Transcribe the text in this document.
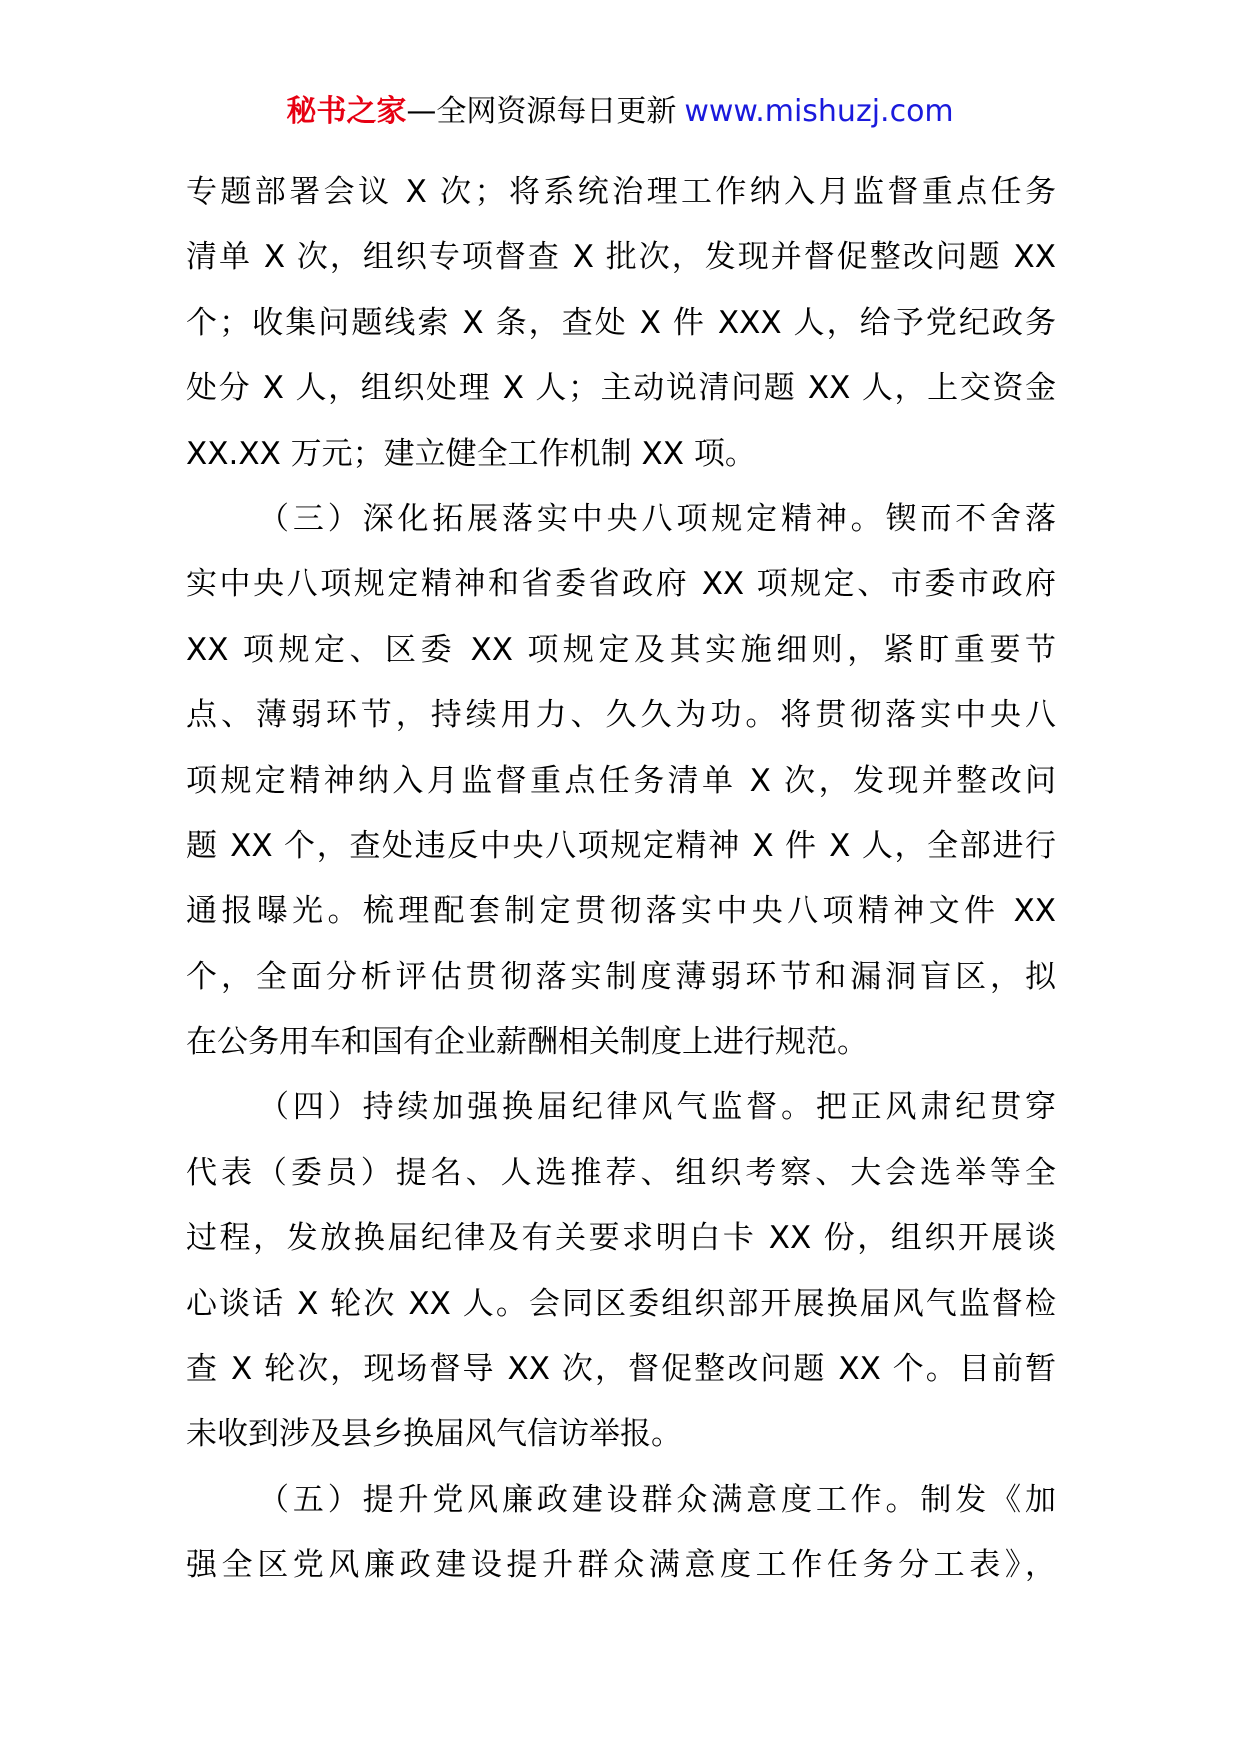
秘书之家—全网资源每日更新 www.mishuzj.com
专题部署会议 X 次；将系统治理工作纳入月监督重点任务
清单 X 次，组织专项督查 X 批次，发现并督促整改问题 XX
个；收集问题线索 X 条，查处 X 件 XXX 人，给予党纪政务
处分 X 人，组织处理 X 人；主动说清问题 XX 人，上交资金
XX.XX 万元；建立健全工作机制 XX 项。
（三）深化拓展落实中央八项规定精神。锲而不舍落
实中央八项规定精神和省委省政府 XX 项规定、市委市政府
XX 项规定、区委 XX 项规定及其实施细则，紧盯重要节
点、薄弱环节，持续用力、久久为功。将贯彻落实中央八
项规定精神纳入月监督重点任务清单 X 次，发现并整改问
题 XX 个，查处违反中央八项规定精神 X 件 X 人，全部进行
通报曝光。梳理配套制定贯彻落实中央八项精神文件 XX
个，全面分析评估贯彻落实制度薄弱环节和漏洞盲区，拟
在公务用车和国有企业薪酬相关制度上进行规范。
（四）持续加强换届纪律风气监督。把正风肃纪贯穿
代表（委员）提名、人选推荐、组织考察、大会选举等全
过程，发放换届纪律及有关要求明白卡 XX 份，组织开展谈
心谈话 X 轮次 XX 人。会同区委组织部开展换届风气监督检
查 X 轮次，现场督导 XX 次，督促整改问题 XX 个。目前暂
未收到涉及县乡换届风气信访举报。
（五）提升党风廉政建设群众满意度工作。制发《加
强全区党风廉政建设提升群众满意度工作任务分工表》，
